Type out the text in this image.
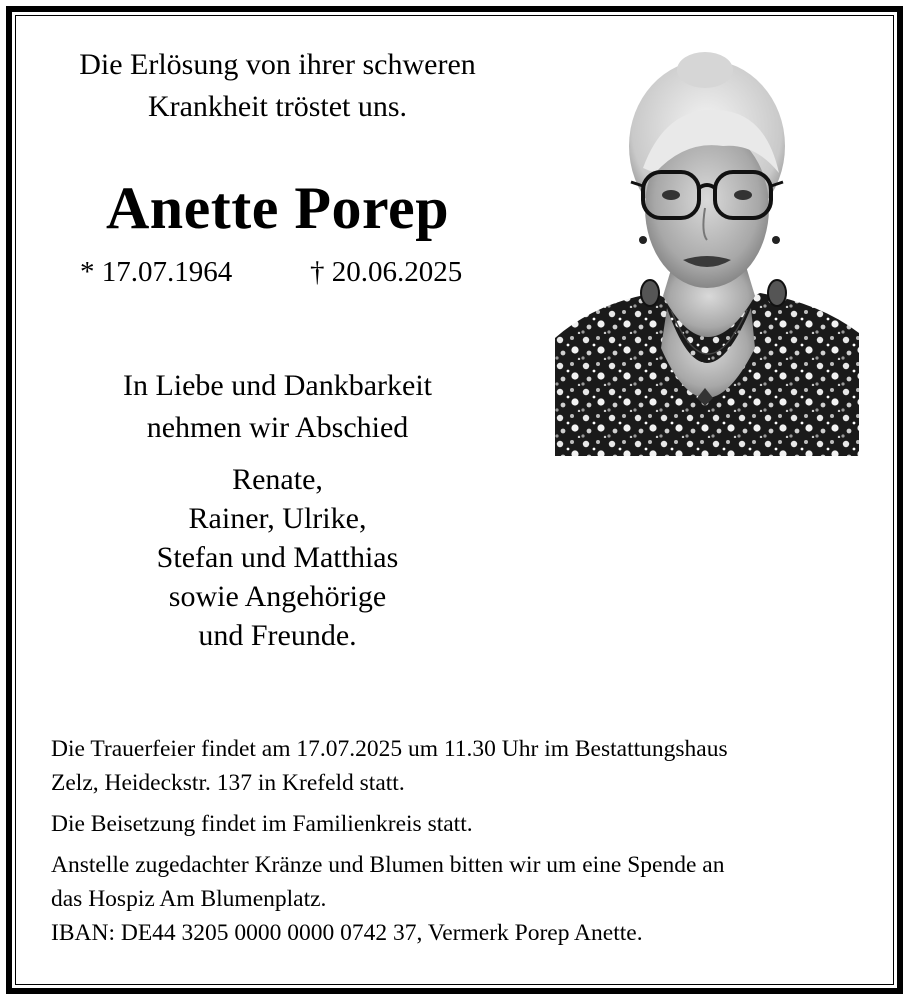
Die Erlösung von ihrer schweren
Krankheit tröstet uns.
Anette Porep
* 17.07.1964	† 20.06.2025
In Liebe und Dankbarkeit
nehmen wir Abschied
Renate,
Rainer, Ulrike,
Stefan und Matthias
sowie Angehörige
und Freunde.

Die Trauerfeier findet am 17.07.2025 um 11.30 Uhr im Bestattungshaus
Zelz, Heideckstr. 137 in Krefeld statt.

Die Beisetzung findet im Familienkreis statt.

Anstelle zugedachter Kränze und Blumen bitten wir um eine Spende an
das Hospiz Am Blumenplatz.
IBAN: DE44 3205 0000 0000 0742 37, Vermerk Porep Anette.
